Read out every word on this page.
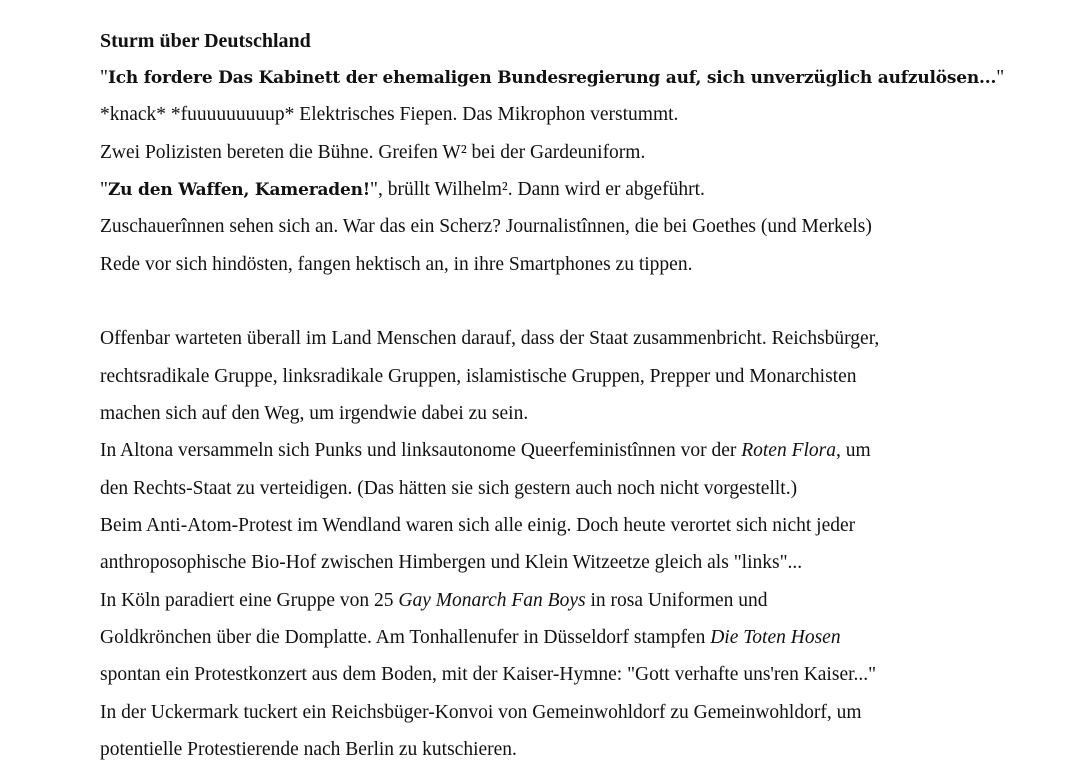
Sturm über Deutschland
"Ich fordere Das Kabinett der ehemaligen Bundesregierung auf, sich unverzüglich aufzulösen..."
*knack* *fuuuuuuuuup* Elektrisches Fiepen. Das Mikrophon verstummt.
Zwei Polizisten bereten die Bühne. Greifen W² bei der Gardeuniform.
"Zu den Waffen, Kameraden!", brüllt Wilhelm². Dann wird er abgeführt.
Zuschauerînnen sehen sich an. War das ein Scherz? Journalistînnen, die bei Goethes (und Merkels)
Rede vor sich hindösten, fangen hektisch an, in ihre Smartphones zu tippen.
Offenbar warteten überall im Land Menschen darauf, dass der Staat zusammenbricht. Reichsbürger,
rechtsradikale Gruppe, linksradikale Gruppen, islamistische Gruppen, Prepper und Monarchisten
machen sich auf den Weg, um irgendwie dabei zu sein.
In Altona versammeln sich Punks und linksautonome Queerfeministînnen vor der Roten Flora, um
den Rechts-Staat zu verteidigen. (Das hätten sie sich gestern auch noch nicht vorgestellt.)
Beim Anti-Atom-Protest im Wendland waren sich alle einig. Doch heute verortet sich nicht jeder
anthroposophische Bio-Hof zwischen Himbergen und Klein Witzeetze gleich als "links"...
In Köln paradiert eine Gruppe von 25 Gay Monarch Fan Boys in rosa Uniformen und
Goldkrönchen über die Domplatte. Am Tonhallenufer in Düsseldorf stampfen Die Toten Hosen
spontan ein Protestkonzert aus dem Boden, mit der Kaiser-Hymne: "Gott verhafte uns'ren Kaiser..."
In der Uckermark tuckert ein Reichsbüger-Konvoi von Gemeinwohldorf zu Gemeinwohldorf, um
potentielle Protestierende nach Berlin zu kutschieren.
